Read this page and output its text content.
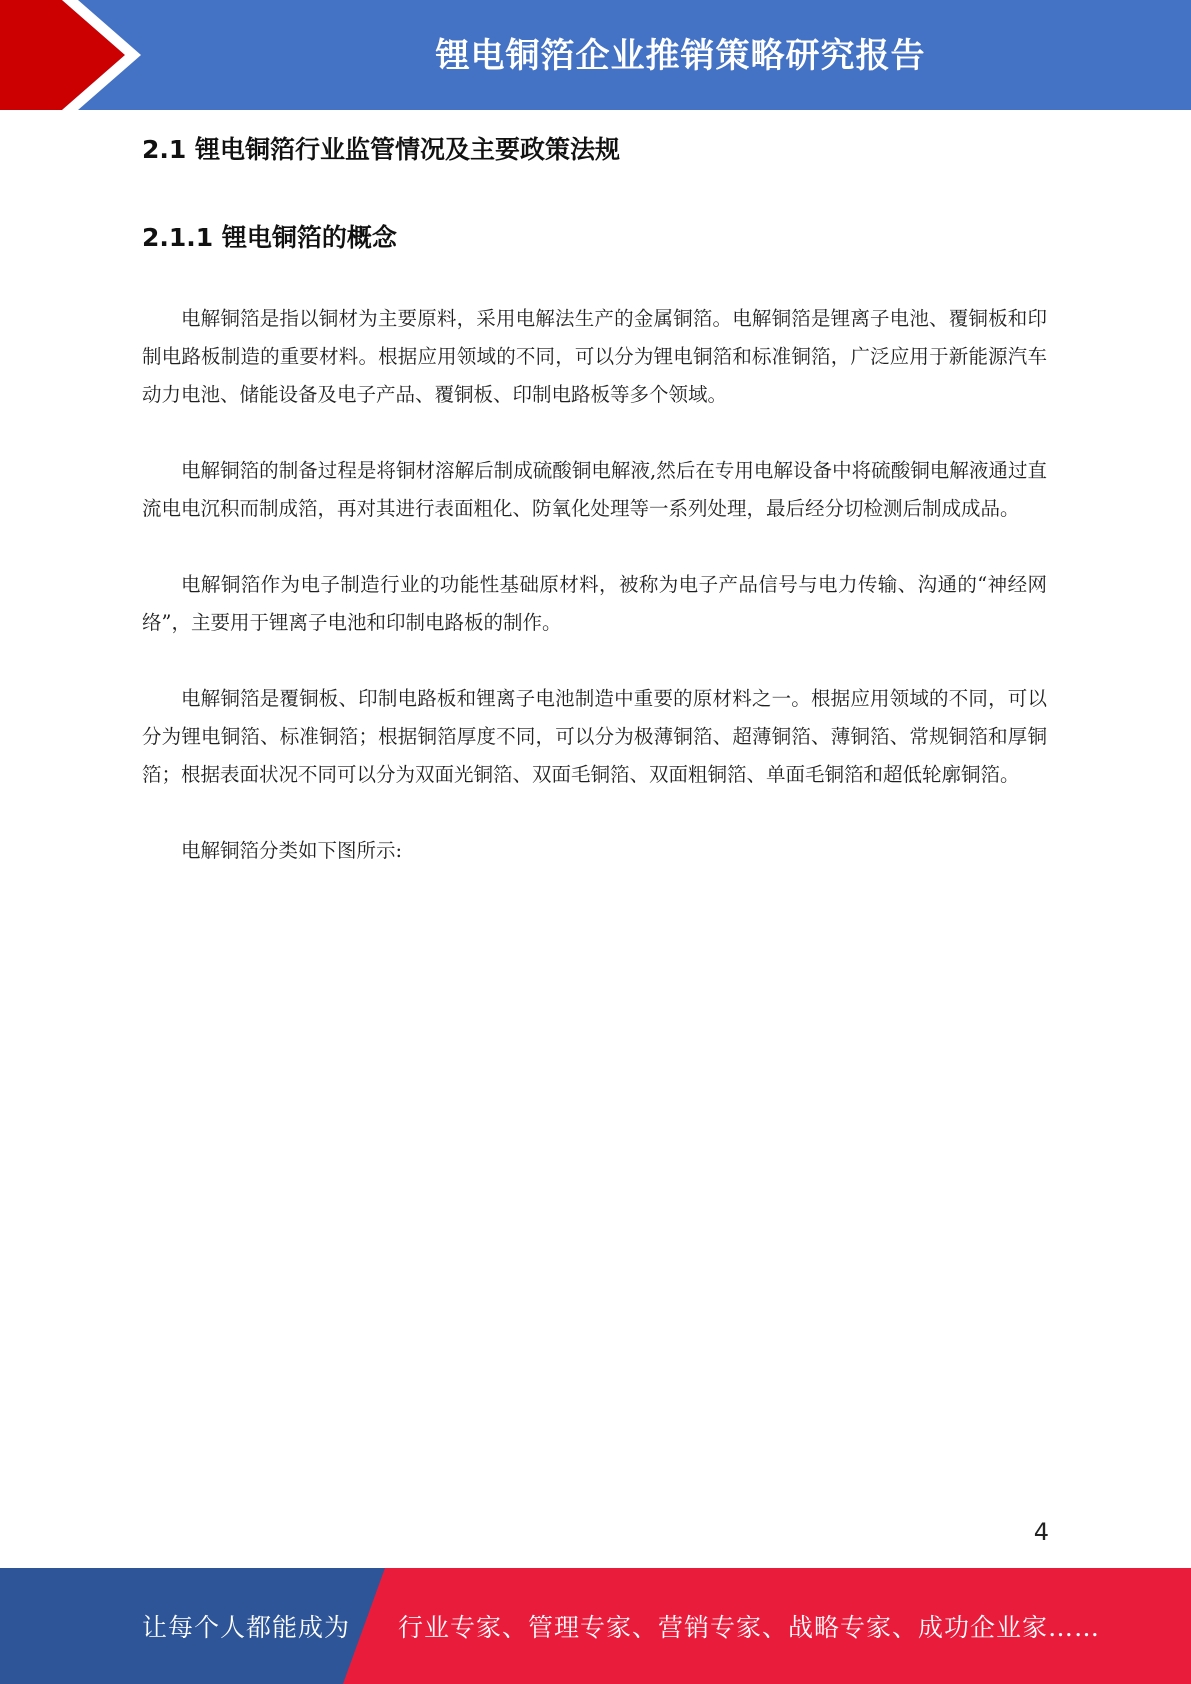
锂电铜箔企业推销策略研究报告
2.1 锂电铜箔行业监管情况及主要政策法规
2.1.1 锂电铜箔的概念

电解铜箔是指以铜材为主要原料，采用电解法生产的金属铜箔。电解铜箔是锂离子电池、覆铜板和印制电路板制造的重要材料。根据应用领域的不同，可以分为锂电铜箔和标准铜箔，广泛应用于新能源汽车动力电池、储能设备及电子产品、覆铜板、印制电路板等多个领域。

电解铜箔的制备过程是将铜材溶解后制成硫酸铜电解液,然后在专用电解设备中将硫酸铜电解液通过直流电电沉积而制成箔，再对其进行表面粗化、防氧化处理等一系列处理，最后经分切检测后制成成品。

电解铜箔作为电子制造行业的功能性基础原材料，被称为电子产品信号与电力传输、沟通的“神经网络”，主要用于锂离子电池和印制电路板的制作。

电解铜箔是覆铜板、印制电路板和锂离子电池制造中重要的原材料之一。根据应用领域的不同，可以分为锂电铜箔、标准铜箔；根据铜箔厚度不同，可以分为极薄铜箔、超薄铜箔、薄铜箔、常规铜箔和厚铜箔；根据表面状况不同可以分为双面光铜箔、双面毛铜箔、双面粗铜箔、单面毛铜箔和超低轮廓铜箔。

电解铜箔分类如下图所示:

4
让每个人都能成为 行业专家、管理专家、营销专家、战略专家、成功企业家……
